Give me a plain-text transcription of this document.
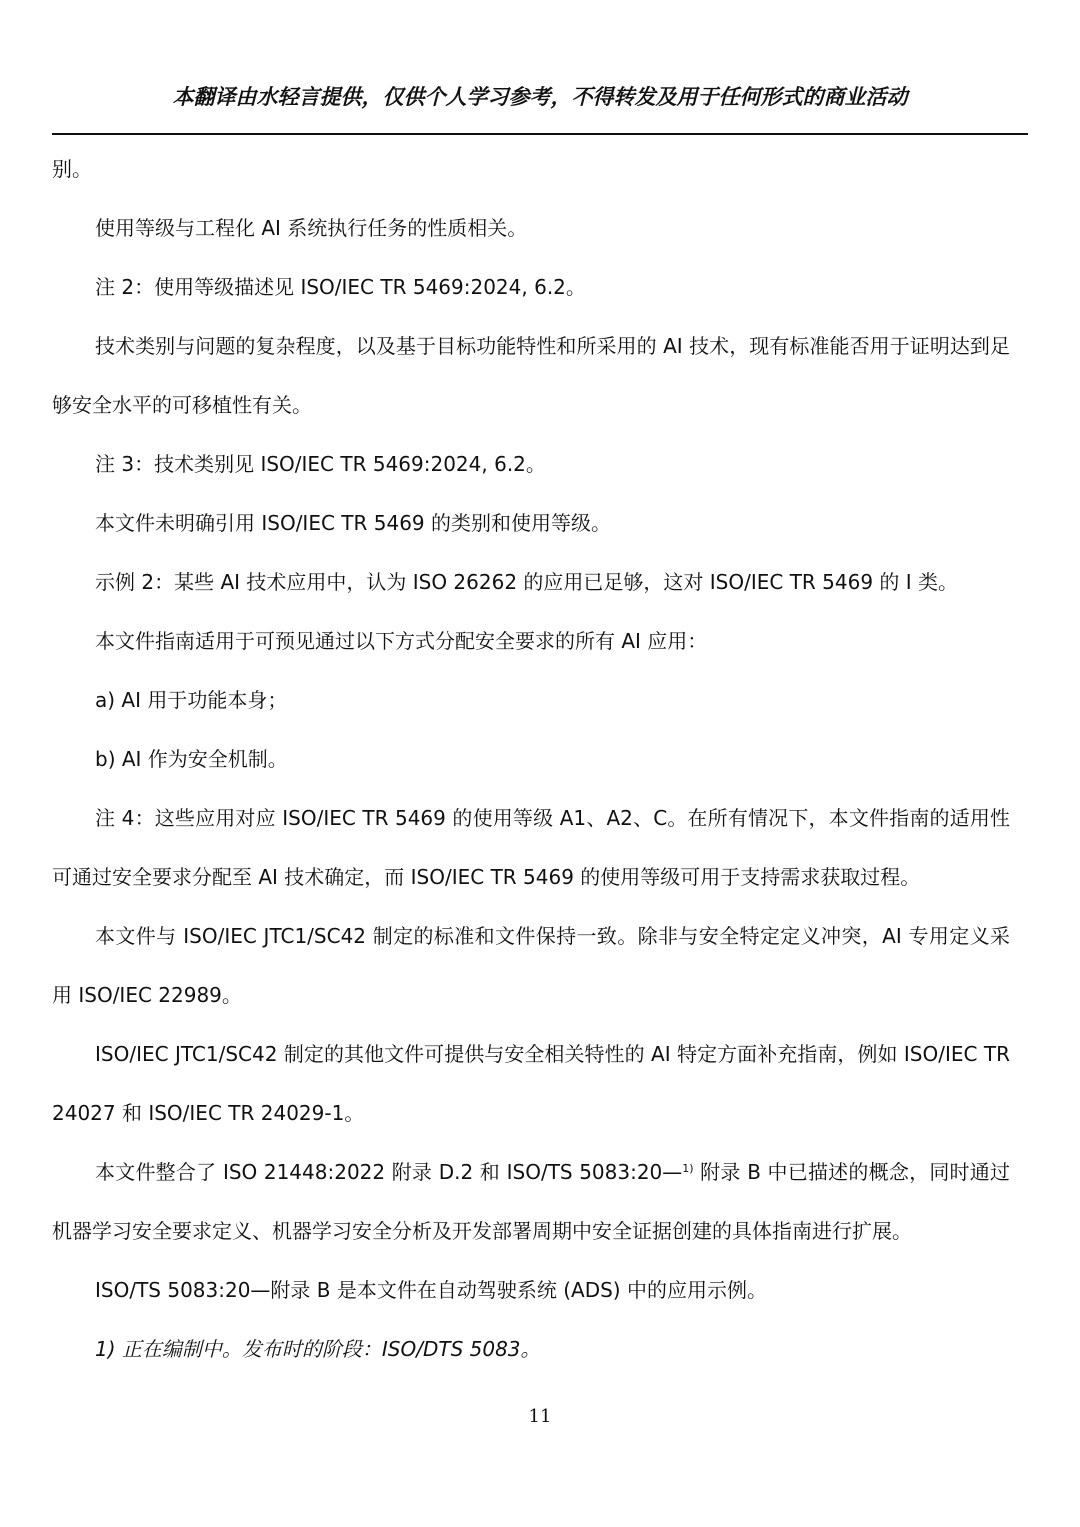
本翻译由水轻言提供，仅供个人学习参考，不得转发及用于任何形式的商业活动

别。

使用等级与工程化 AI 系统执行任务的性质相关。

注 2：使用等级描述见 ISO/IEC TR 5469:2024, 6.2。

技术类别与问题的复杂程度，以及基于目标功能特性和所采用的 AI 技术，现有标准能否用于证明达到足够安全水平的可移植性有关。

注 3：技术类别见 ISO/IEC TR 5469:2024, 6.2。

本文件未明确引用 ISO/IEC TR 5469 的类别和使用等级。

示例 2：某些 AI 技术应用中，认为 ISO 26262 的应用已足够，这对 ISO/IEC TR 5469 的 I 类。

本文件指南适用于可预见通过以下方式分配安全要求的所有 AI 应用：

a) AI 用于功能本身；

b) AI 作为安全机制。

注 4：这些应用对应 ISO/IEC TR 5469 的使用等级 A1、A2、C。在所有情况下，本文件指南的适用性可通过安全要求分配至 AI 技术确定，而 ISO/IEC TR 5469 的使用等级可用于支持需求获取过程。

本文件与 ISO/IEC JTC1/SC42 制定的标准和文件保持一致。除非与安全特定定义冲突，AI 专用定义采用 ISO/IEC 22989。

ISO/IEC JTC1/SC42 制定的其他文件可提供与安全相关特性的 AI 特定方面补充指南，例如 ISO/IEC TR 24027 和 ISO/IEC TR 24029-1。

本文件整合了 ISO 21448:2022 附录 D.2 和 ISO/TS 5083:20—$^{1)}$ 附录 B 中已描述的概念，同时通过机器学习安全要求定义、机器学习安全分析及开发部署周期中安全证据创建的具体指南进行扩展。

ISO/TS 5083:20—附录 B 是本文件在自动驾驶系统 (ADS) 中的应用示例。

1) 正在编制中。发布时的阶段：ISO/DTS 5083。

11
